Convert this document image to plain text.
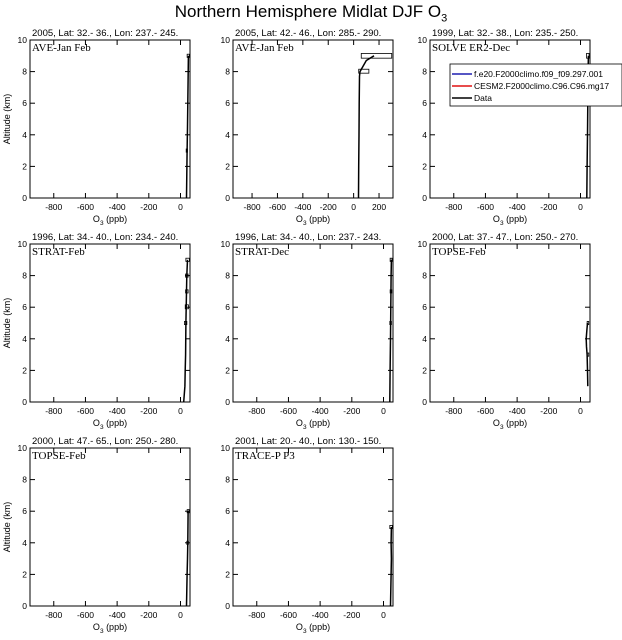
Northern Hemisphere Midlat DJF $O_3$
2005, Lat: 32.- 36., Lon: 237.- 245.
AVE-Jan Feb
-800 -600 -400 -200 0
0
2
4
6
8
10
$O_3$ (ppb)
Altitude (km)
2005, Lat: 42.- 46., Lon: 285.- 290.
AVE-Jan Feb
-800 -600 -400 -200 0 200
0
2
4
6
8
10
$O_3$ (ppb)
1999, Lat: 32.- 38., Lon: 235.- 250.
SOLVE ER2-Dec
-800 -600 -400 -200 0
0
2
4
6
8
10
$O_3$ (ppb)
1996, Lat: 34.- 40., Lon: 234.- 240.
STRAT-Feb
-800 -600 -400 -200 0
0
2
4
6
8
10
$O_3$ (ppb)
Altitude (km)
1996, Lat: 34.- 40., Lon: 237.- 243.
STRAT-Dec
-800 -600 -400 -200 0
0
2
4
6
8
10
$O_3$ (ppb)
2000, Lat: 37.- 47., Lon: 250.- 270.
TOPSE-Feb
-800 -600 -400 -200 0
0
2
4
6
8
10
$O_3$ (ppb)
2000, Lat: 47.- 65., Lon: 250.- 280.
TOPSE-Feb
-800 -600 -400 -200 0
0
2
4
6
8
10
$O_3$ (ppb)
Altitude (km)
2001, Lat: 20.- 40., Lon: 130.- 150.
TRACE-P P3
-800 -600 -400 -200 0
0
2
4
6
8
10
$O_3$ (ppb)
f.e20.F2000climo.f09_f09.297.001
CESM2.F2000climo.C96.C96.mg17
Data
